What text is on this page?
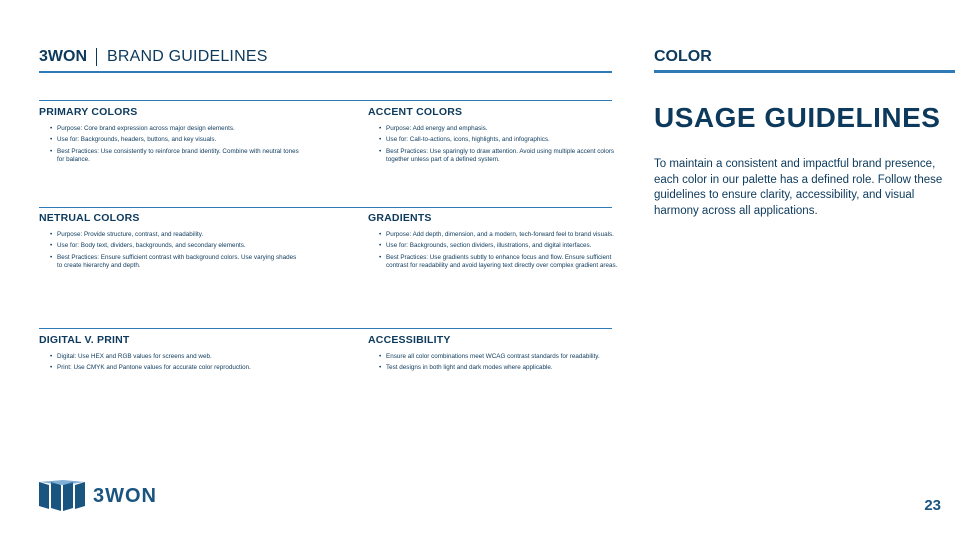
3WON BRAND GUIDELINES	COLOR
USAGE GUIDELINES
To maintain a consistent and impactful brand presence, each color in our palette has a defined role. Follow these guidelines to ensure clarity, accessibility, and visual harmony across all applications.
PRIMARY COLORS
• Purpose: Core brand expression across major design elements.
• Use for: Backgrounds, headers, buttons, and key visuals.
• Best Practices: Use consistently to reinforce brand identity. Combine with neutral tones for balance.
ACCENT COLORS
• Purpose: Add energy and emphasis.
• Use for: Call-to-actions, icons, highlights, and infographics.
• Best Practices: Use sparingly to draw attention. Avoid using multiple accent colors together unless part of a defined system.
NETRUAL COLORS
• Purpose: Provide structure, contrast, and readability.
• Use for: Body text, dividers, backgrounds, and secondary elements.
• Best Practices: Ensure sufficient contrast with background colors. Use varying shades to create hierarchy and depth.
GRADIENTS
• Purpose: Add depth, dimension, and a modern, tech-forward feel to brand visuals.
• Use for: Backgrounds, section dividers, illustrations, and digital interfaces.
• Best Practices: Use gradients subtly to enhance focus and flow. Ensure sufficient contrast for readability and avoid layering text directly over complex gradient areas.
DIGITAL V. PRINT
• Digital: Use HEX and RGB values for screens and web.
• Print: Use CMYK and Pantone values for accurate color reproduction.
ACCESSIBILITY
• Ensure all color combinations meet WCAG contrast standards for readability.
• Test designs in both light and dark modes where applicable.
3WON	23
